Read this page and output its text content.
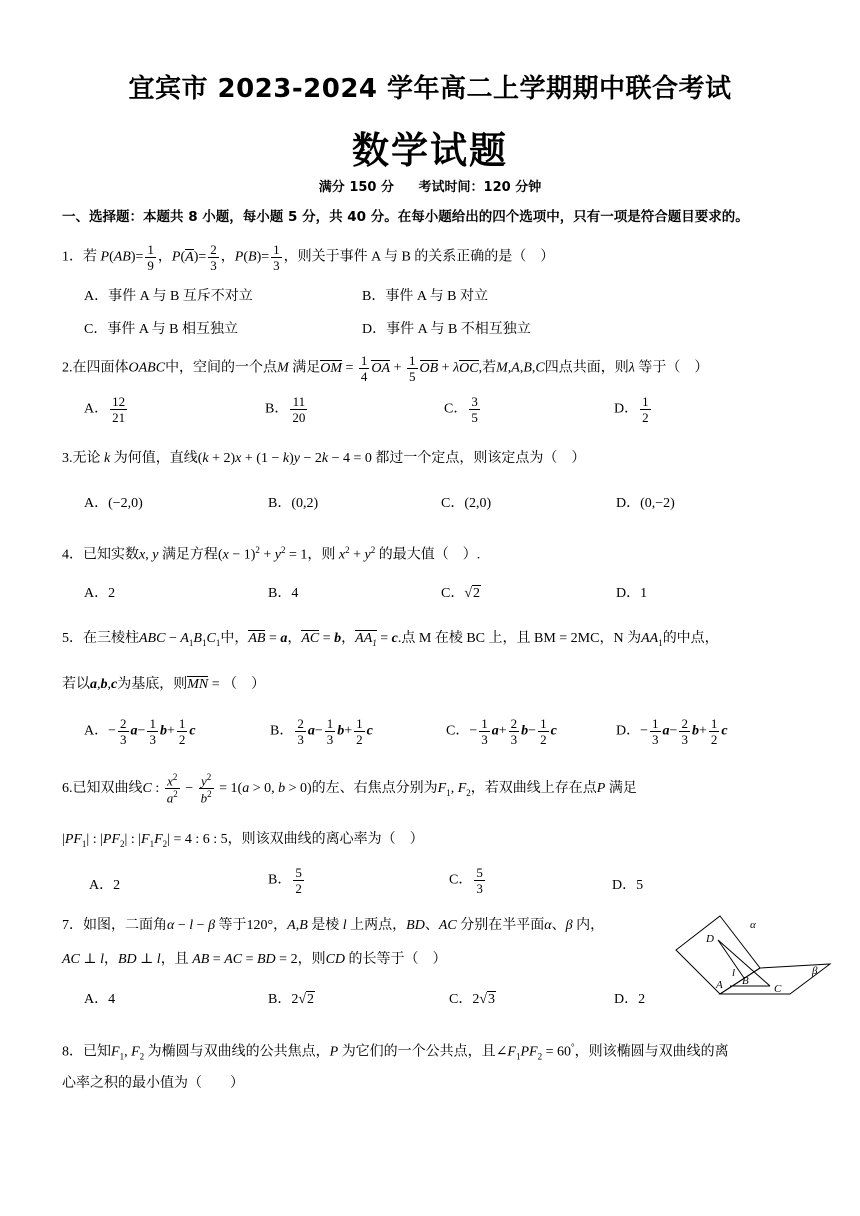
宜宾市 2023-2024 学年高二上学期期中联合考试
数学试题
满分 150 分 考试时间：120 分钟
一、选择题：本题共 8 小题，每小题 5 分，共 40 分。在每小题给出的四个选项中，只有一项是符合题目要求的。
1．若 $P(AB)= \frac{1}{9}$ ，$P(A)= \frac{2}{3}$ ，$P(B)= \frac{1}{3}$ ，则关于事件 A 与 B 的关系正确的是（　）
A．事件 A 与 B 互斥不对立	B．事件 A 与 B 对立
C．事件 A 与 B 相互独立	D．事件 A 与 B 不相互独立
2.在四面体OABC中，空间的一个点M 满足OM = $\frac{1}{4}$ OA + $\frac{1}{5}$ OB + λOC,若M,A,B,C四点共面，则λ 等于（　）
A． $\frac{12}{21}$	B． $\frac{11}{20}$	C． $\frac{3}{5}$	D． $\frac{1}{2}$
3.无论 k 为何值，直线(k + 2)x + (1 − k)y − 2k − 4 = 0 都过一个定点，则该定点为（　）
A．(−2,0)	B．(0,2)	C．(2,0)	D．(0,−2)
4．已知实数x, y 满足方程$(x - 1)^2 + y^2 = 1$，则 $x^2 + y^2$ 的最大值（　）.
A．2	B．4	C．√2	D．1
5．在三棱柱ABC − $A_1B_1C_1$中，AB = a，AC = b，$AA_1 = c$.点 M 在棱 BC 上，且 BM = 2MC，N 为$AA_1$的中点，
若以a,b,c为基底，则MN = （　）
A．− $\frac{2}{3} a- \frac{1}{3} b+ \frac{1}{2}$ c	B． $\frac{2}{3} a- \frac{1}{3} b+ \frac{1}{2}$ c	C．− $\frac{1}{3} a+ \frac{2}{3} b- \frac{1}{2}$ c	D．− $\frac{1}{3} a- \frac{2}{3} b+ \frac{1}{2}$ c
6.已知双曲线C : $\frac{x^2}{a^2} - \frac{y^2}{b^2} = 1(a > 0$, b > 0)的左、右焦点分别为$F_1$, $F_2$，若双曲线上存在点P 满足
$|PF_1|$ : $|PF_2|$ : $|F_1F_2| = 4$ : 6 : 5，则该双曲线的离心率为（　）
A．2	B． $\frac{5}{2}$	C． $\frac{5}{3}$	D．5
7．如图，二面角α − l − β 等于120°，A,B 是棱 l 上两点，BD、AC 分别在半平面α、β 内，
AC ⊥ l，BD ⊥ l，且 AB = AC = BD = 2，则CD 的长等于（　）
A．4	B．2√2	C．2√3	D．2
α
D
l
A B
C
β
8．已知$F_1$, $F_2$ 为椭圆与双曲线的公共焦点，P 为它们的一个公共点，且$\angle F_1PF_2 = 60^\circ$，则该椭圆与双曲线的离
心率之积的最小值为（　　）
